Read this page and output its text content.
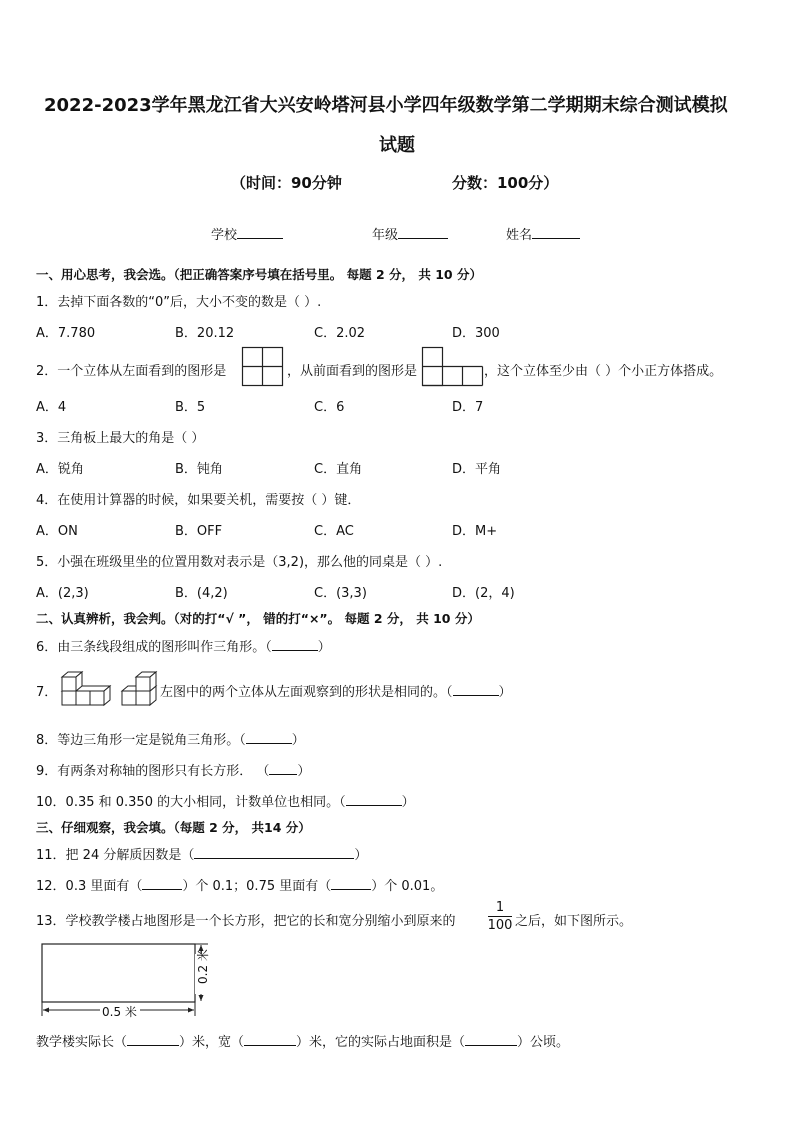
2022-2023学年黑龙江省大兴安岭塔河县小学四年级数学第二学期期末综合测试模拟
试题
（时间：90分钟	分数：100分）
学校	年级	姓名
一、用心思考，我会选。（把正确答案序号填在括号里。 每题 2 分， 共 10 分）
1．去掉下面各数的“0”后，大小不变的数是（ ）.
A．7.780	B．20.12	C．2.02	D．300
2．一个立体从左面看到的图形是	，从前面看到的图形是	，这个立体至少由（ ）个小正方体搭成。
A．4	B．5	C．6	D．7
3．三角板上最大的角是（ ）
A．锐角	B．钝角	C．直角	D．平角
4．在使用计算器的时候，如果要关机，需要按（ ）键．
A．ON	B．OFF	C．AC	D．M+
5．小强在班级里坐的位置用数对表示是（3,2)，那么他的同桌是（ ）.
A．(2,3)	B．(4,2)	C．(3,3)	D．(2，4)
二、认真辨析，我会判。（对的打“√ ”， 错的打“×”。 每题 2 分， 共 10 分）
6．由三条线段组成的图形叫作三角形。（	）
7．	左图中的两个立体从左面观察到的形状是相同的。（	）
8．等边三角形一定是锐角三角形。（	）
9．有两条对称轴的图形只有长方形． （ ）
10．0.35 和 0.350 的大小相同，计数单位也相同。（	）
三、仔细观察，我会填。（每题 2 分， 共14 分）
11．把 24 分解质因数是（	）
12．0.3 里面有（	）个 0.1；0.75 里面有（	）个 0.01。
13．学校教学楼占地图形是一个长方形，把它的长和宽分别缩小到原来的
1
100 之后，如下图所示。
0.5 米
0.2 米
教学楼实际长（	）米，宽（	）米，它的实际占地面积是（	）公顷。
